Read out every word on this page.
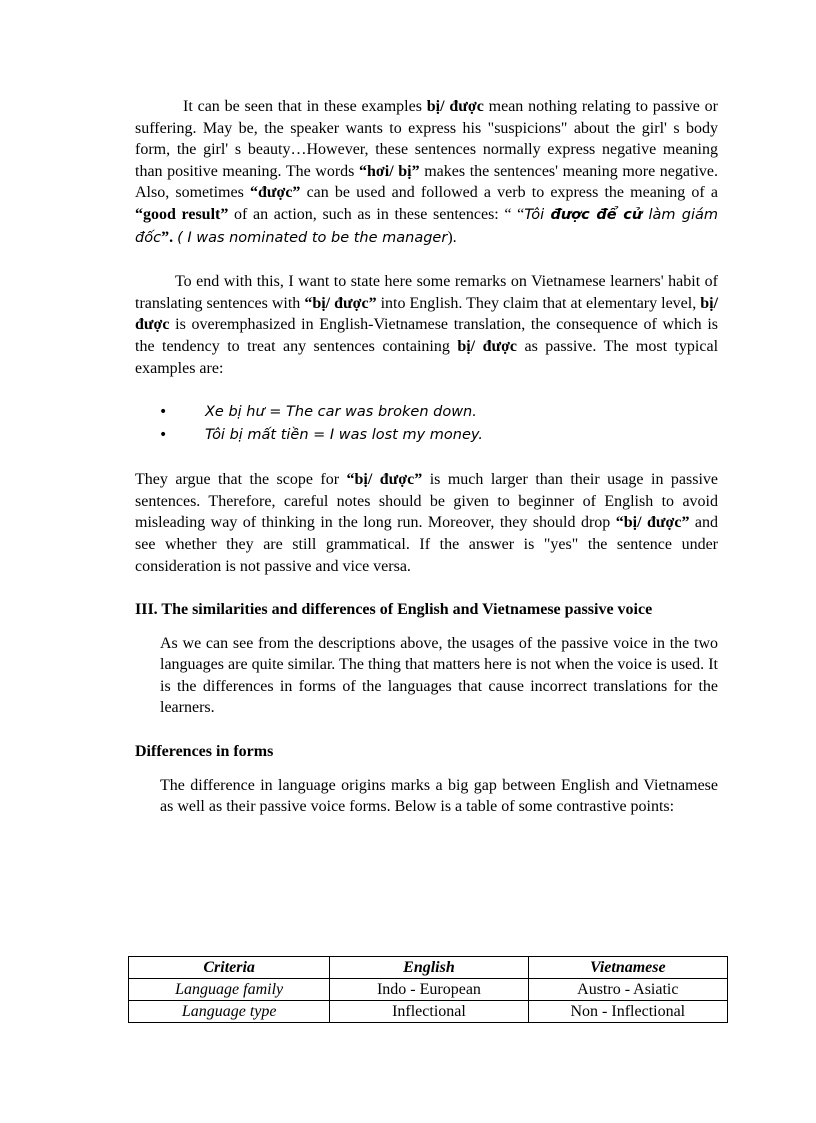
It can be seen that in these examples bị/ được mean nothing relating to passive or suffering. May be, the speaker wants to express his "suspicions" about the girl' s body form, the girl' s beauty…However, these sentences normally express negative meaning than positive meaning. The words “hơi/ bị” makes the sentences' meaning more negative. Also, sometimes “được” can be used and followed a verb to express the meaning of a “good result” of an action, such as in these sentences: “ “Tôi được để cử làm giám đốc”. ( I was nominated to be the manager).

To end with this, I want to state here some remarks on Vietnamese learners' habit of translating sentences with “bị/ được” into English. They claim that at elementary level, bị/ được is overemphasized in English-Vietnamese translation, the consequence of which is the tendency to treat any sentences containing bị/ được as passive. The most typical examples are:

•	Xe bị hư = The car was broken down.
•	Tôi bị mất tiền = I was lost my money.

They argue that the scope for “bị/ được” is much larger than their usage in passive sentences. Therefore, careful notes should be given to beginner of English to avoid misleading way of thinking in the long run. Moreover, they should drop “bị/ được” and see whether they are still grammatical. If the answer is "yes" the sentence under consideration is not passive and vice versa.

III. The similarities and differences of English and Vietnamese passive voice

As we can see from the descriptions above, the usages of the passive voice in the two languages are quite similar. The thing that matters here is not when the voice is used. It is the differences in forms of the languages that cause incorrect translations for the learners.

Differences in forms

The difference in language origins marks a big gap between English and Vietnamese as well as their passive voice forms. Below is a table of some contrastive points:

Criteria	English	Vietnamese
Language family	Indo - European	Austro - Asiatic
Language type	Inflectional	Non - Inflectional
